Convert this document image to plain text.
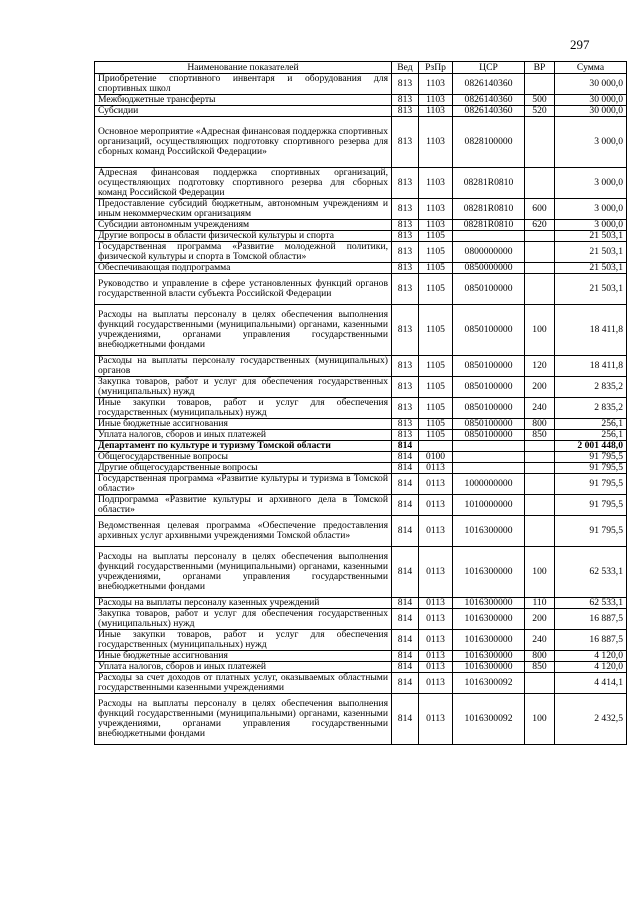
297
Наименование показателей	Вед	РзПр	ЦСР	ВР	Сумма
Приобретение спортивного инвентаря и оборудования для спортивных школ	813	1103	0826140360		30 000,0
Межбюджетные трансферты	813	1103	0826140360	500	30 000,0
Субсидии	813	1103	0826140360	520	30 000,0
Основное мероприятие «Адресная финансовая поддержка спортивных организаций, осуществляющих подготовку спортивного резерва для сборных команд Российской Федерации»	813	1103	0828100000		3 000,0
Адресная финансовая поддержка спортивных организаций, осуществляющих подготовку спортивного резерва для сборных команд Российской Федерации	813	1103	08281R0810		3 000,0
Предоставление субсидий бюджетным, автономным учреждениям и иным некоммерческим организациям	813	1103	08281R0810	600	3 000,0
Субсидии автономным учреждениям	813	1103	08281R0810	620	3 000,0
Другие вопросы в области физической культуры и спорта	813	1105			21 503,1
Государственная программа «Развитие молодежной политики, физической культуры и спорта в Томской области»	813	1105	0800000000		21 503,1
Обеспечивающая подпрограмма	813	1105	0850000000		21 503,1
Руководство и управление в сфере установленных функций органов государственной власти субъекта Российской Федерации	813	1105	0850100000		21 503,1
Расходы на выплаты персоналу в целях обеспечения выполнения функций государственными (муниципальными) органами, казенными учреждениями, органами управления государственными внебюджетными фондами	813	1105	0850100000	100	18 411,8
Расходы на выплаты персоналу государственных (муниципальных) органов	813	1105	0850100000	120	18 411,8
Закупка товаров, работ и услуг для обеспечения государственных (муниципальных) нужд	813	1105	0850100000	200	2 835,2
Иные закупки товаров, работ и услуг для обеспечения государственных (муниципальных) нужд	813	1105	0850100000	240	2 835,2
Иные бюджетные ассигнования	813	1105	0850100000	800	256,1
Уплата налогов, сборов и иных платежей	813	1105	0850100000	850	256,1
Департамент по культуре и туризму Томской области	814				2 001 448,0
Общегосударственные вопросы	814	0100			91 795,5
Другие общегосударственные вопросы	814	0113			91 795,5
Государственная программа «Развитие культуры и туризма в Томской области»	814	0113	1000000000		91 795,5
Подпрограмма «Развитие культуры и архивного дела в Томской области»	814	0113	1010000000		91 795,5
Ведомственная целевая программа «Обеспечение предоставления архивных услуг архивными учреждениями Томской области»	814	0113	1016300000		91 795,5
Расходы на выплаты персоналу в целях обеспечения выполнения функций государственными (муниципальными) органами, казенными учреждениями, органами управления государственными внебюджетными фондами	814	0113	1016300000	100	62 533,1
Расходы на выплаты персоналу казенных учреждений	814	0113	1016300000	110	62 533,1
Закупка товаров, работ и услуг для обеспечения государственных (муниципальных) нужд	814	0113	1016300000	200	16 887,5
Иные закупки товаров, работ и услуг для обеспечения государственных (муниципальных) нужд	814	0113	1016300000	240	16 887,5
Иные бюджетные ассигнования	814	0113	1016300000	800	4 120,0
Уплата налогов, сборов и иных платежей	814	0113	1016300000	850	4 120,0
Расходы за счет доходов от платных услуг, оказываемых областными государственными казенными учреждениями	814	0113	1016300092		4 414,1
Расходы на выплаты персоналу в целях обеспечения выполнения функций государственными (муниципальными) органами, казенными учреждениями, органами управления государственными внебюджетными фондами	814	0113	1016300092	100	2 432,5
